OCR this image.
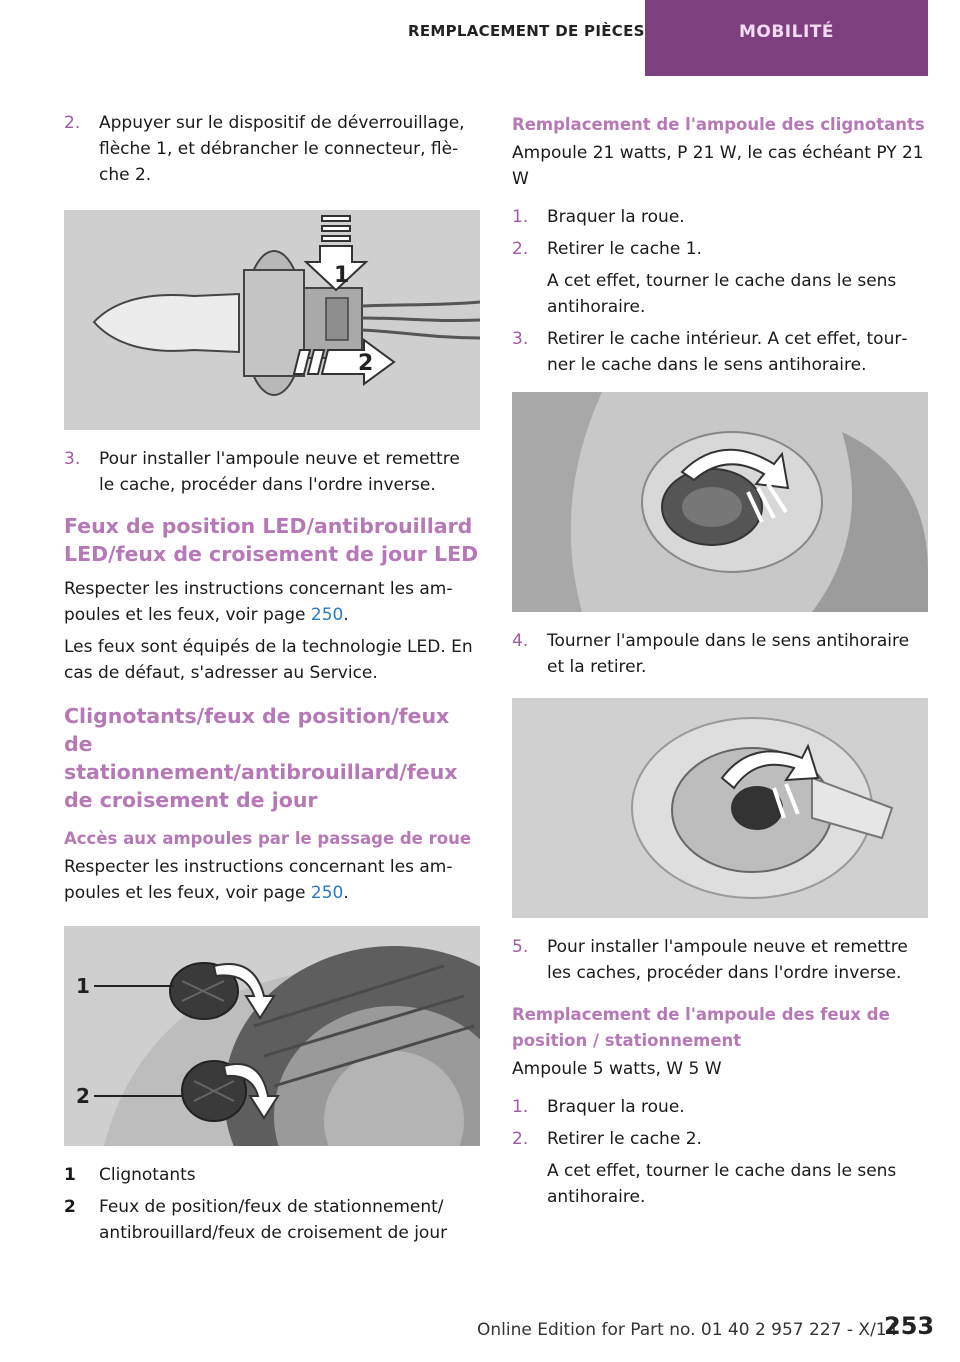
REMPLACEMENT DE PIÈCES	MOBILITÉ
2. Appuyer sur le dispositif de déverrouillage, flèche 1, et débrancher le connecteur, flèche 2.
1
2
3. Pour installer l'ampoule neuve et remettre le cache, procéder dans l'ordre inverse.
Feux de position LED/antibrouillard LED/feux de croisement de jour LED
Respecter les instructions concernant les ampoules et les feux, voir page 250.
Les feux sont équipés de la technologie LED. En cas de défaut, s'adresser au Service.
Clignotants/feux de position/feux de stationnement/antibrouillard/feux de croisement de jour
Accès aux ampoules par le passage de roue
Respecter les instructions concernant les ampoules et les feux, voir page 250.
1
2
1 Clignotants
2 Feux de position/feux de stationnement/ antibrouillard/feux de croisement de jour
Remplacement de l'ampoule des clignotants
Ampoule 21 watts, P 21 W, le cas échéant PY 21 W
1. Braquer la roue.
2. Retirer le cache 1.
A cet effet, tourner le cache dans le sens antihoraire.
3. Retirer le cache intérieur. A cet effet, tourner le cache dans le sens antihoraire.
4. Tourner l'ampoule dans le sens antihoraire et la retirer.
5. Pour installer l'ampoule neuve et remettre les caches, procéder dans l'ordre inverse.
Remplacement de l'ampoule des feux de position / stationnement
Ampoule 5 watts, W 5 W
1. Braquer la roue.
2. Retirer le cache 2.
A cet effet, tourner le cache dans le sens antihoraire.
Online Edition for Part no. 01 40 2 957 227 - X/14
253
